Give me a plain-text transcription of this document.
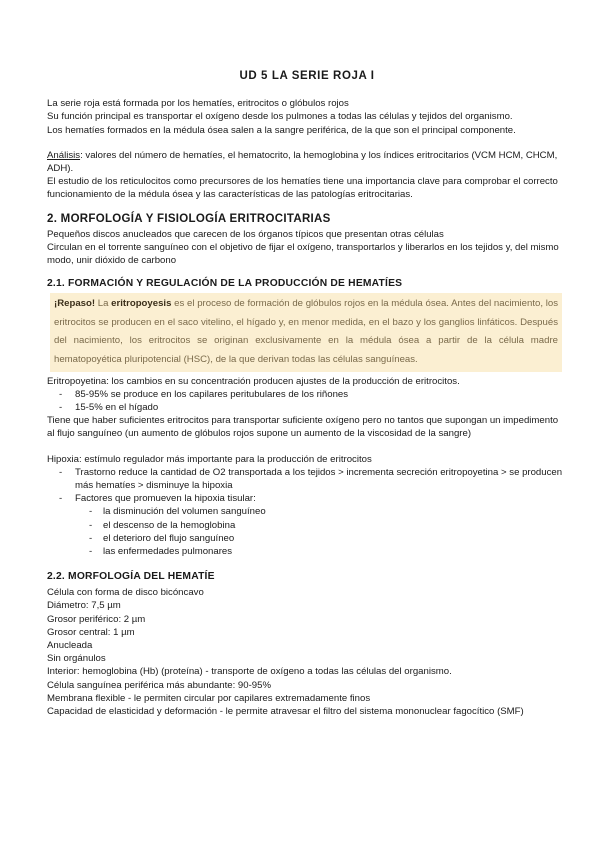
UD 5 LA SERIE ROJA I

La serie roja está formada por los hematíes, eritrocitos o glóbulos rojos

Su función principal es transportar el oxígeno desde los pulmones a todas las células y tejidos del organismo.

Los hematíes formados en la médula ósea salen a la sangre periférica, de la que son el principal componente.

Análisis: valores del número de hematíes, el hematocrito, la hemoglobina y los índices eritrocitarios (VCM HCM, CHCM, ADH).

El estudio de los reticulocitos como precursores de los hematíes tiene una importancia clave para comprobar el correcto funcionamiento de la médula ósea y las características de las patologías eritrocitarias.

2. MORFOLOGÍA Y FISIOLOGÍA ERITROCITARIAS

Pequeños discos anucleados que carecen de los órganos típicos que presentan otras células

Circulan en el torrente sanguíneo con el objetivo de fijar el oxígeno, transportarlos y liberarlos en los tejidos y, del mismo modo, unir dióxido de carbono

2.1. FORMACIÓN Y REGULACIÓN DE LA PRODUCCIÓN DE HEMATÍES
¡Repaso! La eritropoyesis es el proceso de formación de glóbulos rojos en la médula ósea. Antes del nacimiento, los eritrocitos se producen en el saco vitelino, el hígado y, en menor medida, en el bazo y los ganglios linfáticos. Después del nacimiento, los eritrocitos se originan exclusivamente en la médula ósea a partir de la célula madre hematopoyética pluripotencial (HSC), de la que derivan todas las células sanguíneas.

Eritropoyetina: los cambios en su concentración producen ajustes de la producción de eritrocitos.

- 85-95% se produce en los capilares peritubulares de los riñones
- 15-5% en el hígado

Tiene que haber suficientes eritrocitos para transportar suficiente oxígeno pero no tantos que supongan un impedimento al flujo sanguíneo (un aumento de glóbulos rojos supone un aumento de la viscosidad de la sangre)

Hipoxia: estímulo regulador más importante para la producción de eritrocitos

- Trastorno reduce la cantidad de O2 transportada a los tejidos > incrementa secreción eritropoyetina > se producen más hematíes > disminuye la hipoxia
- Factores que promueven la hipoxia tisular:
- la disminución del volumen sanguíneo
- el descenso de la hemoglobina
- el deterioro del flujo sanguíneo
- las enfermedades pulmonares
2.2. MORFOLOGÍA DEL HEMATÍE

Célula con forma de disco bicóncavo

Diámetro: 7,5 µm

Grosor periférico: 2 µm

Grosor central: 1 µm

Anucleada

Sin orgánulos

Interior: hemoglobina (Hb) (proteína) - transporte de oxígeno a todas las células del organismo.

Célula sanguínea periférica más abundante: 90-95%

Membrana flexible - le permiten circular por capilares extremadamente finos

Capacidad de elasticidad y deformación - le permite atravesar el filtro del sistema mononuclear fagocítico (SMF)
